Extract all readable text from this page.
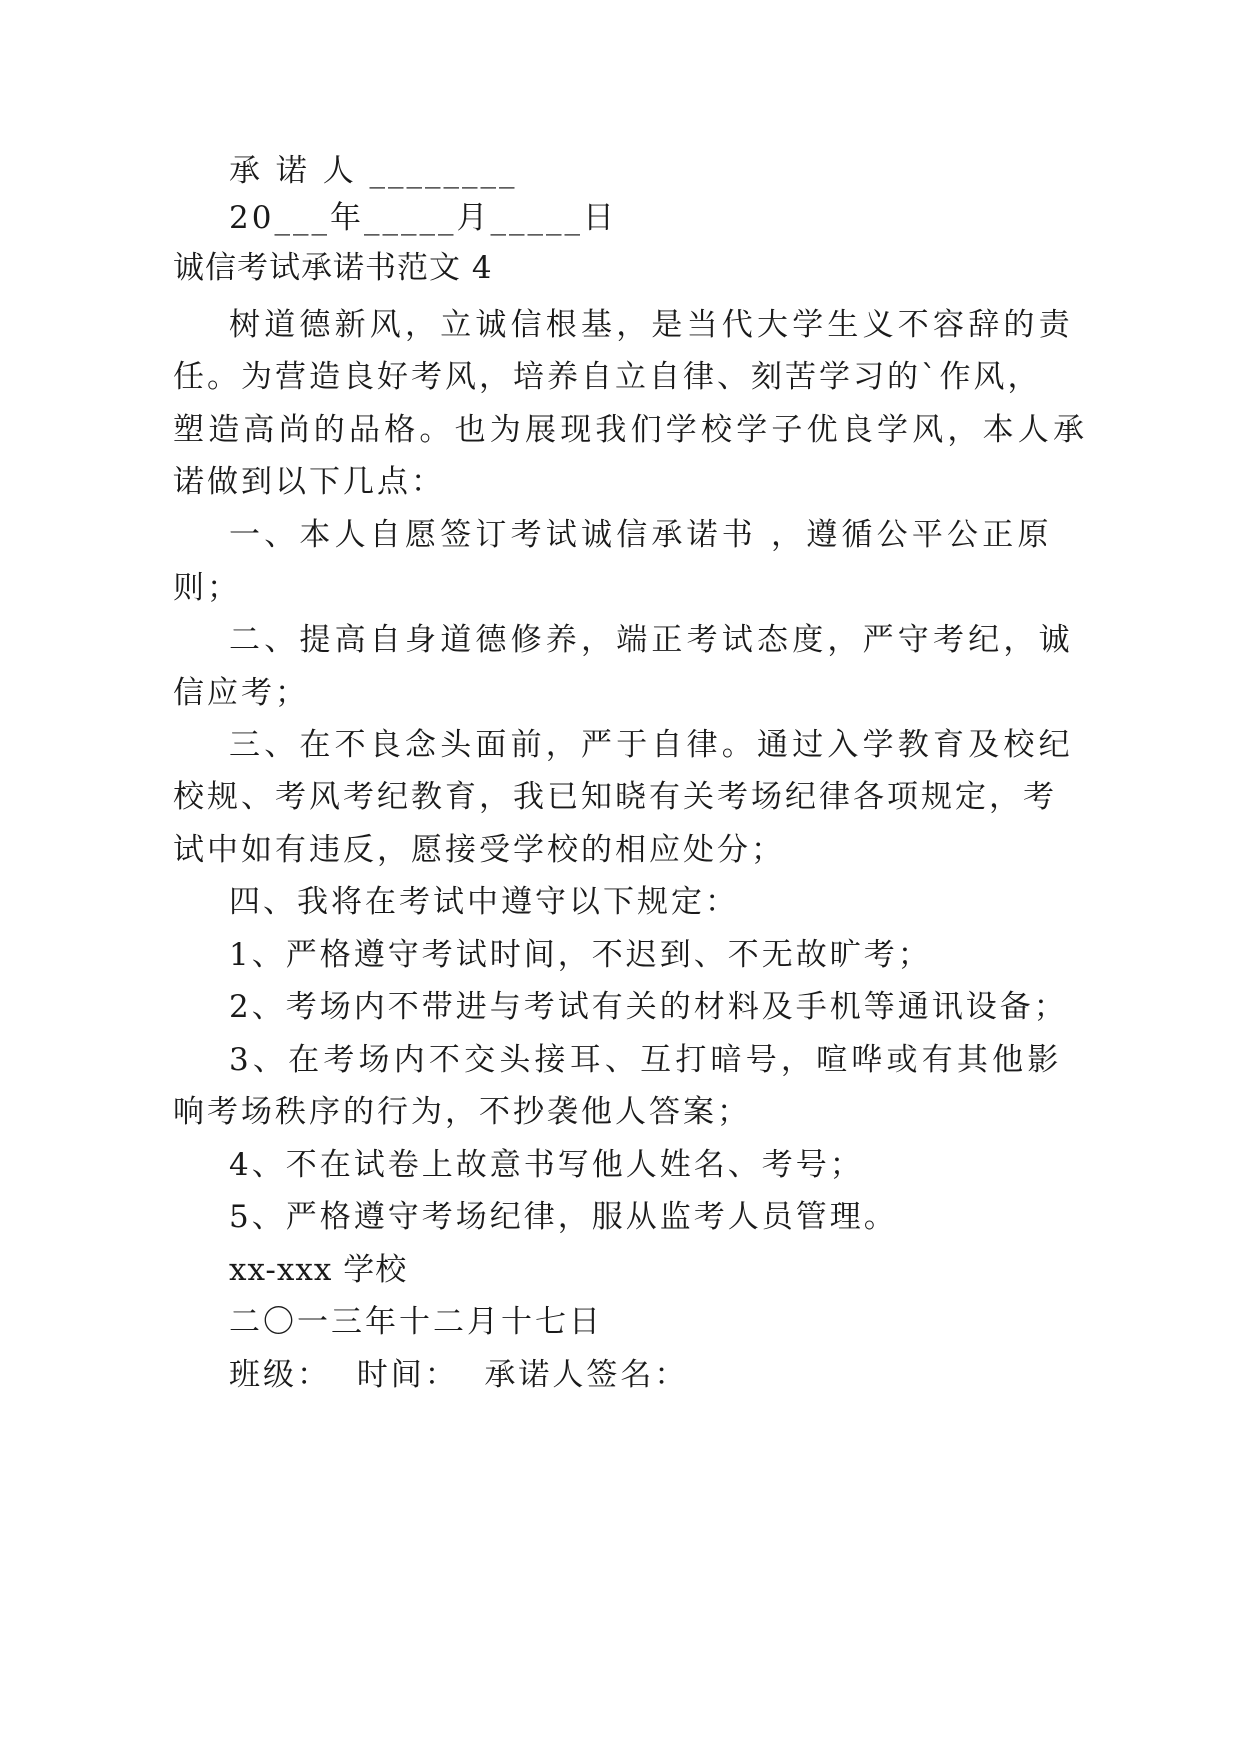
承 诺 人 ________
20___年_____月_____日
诚信考试承诺书范文 4
树道德新风，立诚信根基，是当代大学生义不容辞的责
任。为营造良好考风，培养自立自律、刻苦学习的`作风，
塑造高尚的品格。也为展现我们学校学子优良学风，本人承
诺做到以下几点：
一、本人自愿签订考试诚信承诺书 ，遵循公平公正原
则；
二、提高自身道德修养，端正考试态度，严守考纪，诚
信应考；
三、在不良念头面前，严于自律。通过入学教育及校纪
校规、考风考纪教育，我已知晓有关考场纪律各项规定，考
试中如有违反，愿接受学校的相应处分；
四、我将在考试中遵守以下规定：
1、严格遵守考试时间，不迟到、不无故旷考；
2、考场内不带进与考试有关的材料及手机等通讯设备；
3、在考场内不交头接耳、互打暗号，喧哗或有其他影
响考场秩序的行为，不抄袭他人答案；
4、不在试卷上故意书写他人姓名、考号；
5、严格遵守考场纪律，服从监考人员管理。
xx-xxx 学校
二〇一三年十二月十七日
班级：  时间：  承诺人签名：
